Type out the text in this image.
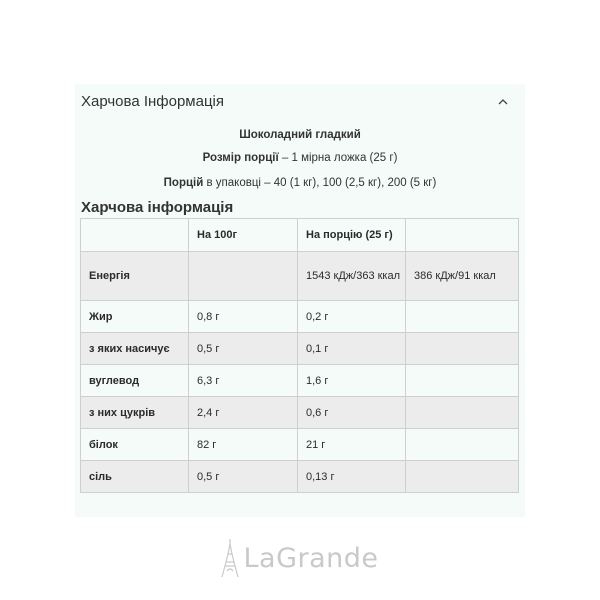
Харчова Інформація
Шоколадний гладкий
Розмір порції – 1 мірна ложка (25 г)
Порцій в упаковці – 40 (1 кг), 100 (2,5 кг), 200 (5 кг)
Харчова інформація
	На 100г	На порцію (25 г)	
Енергія		1543 кДж/363 ккал	386 кДж/91 ккал
Жир	0,8 г	0,2 г	
з яких насичує	0,5 г	0,1 г	
вуглевод	6,3 г	1,6 г	
з них цукрів	2,4 г	0,6 г	
білок	82 г	21 г	
сіль	0,5 г	0,13 г	
LaGrande
